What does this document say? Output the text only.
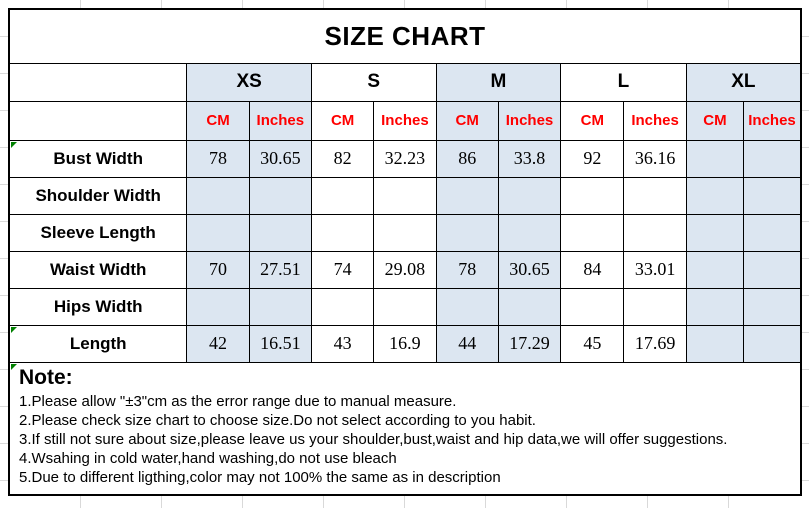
SIZE CHART										
	XS		S		M		L		XL	
	CM	Inches	CM	Inches	CM	Inches	CM	Inches	CM	Inches

Bust Width	78	30.65	82	32.23	86	33.8	92	36.16		
Shoulder Width										
Sleeve Length										
Waist Width	70	27.51	74	29.08	78	30.65	84	33.01		
Hips Width										

Length	42	16.51	43	16.9	44	17.29	45	17.69		

Note:
1.Please allow "±3"cm as the error range due to manual measure.
2.Please check size chart to choose size.Do not select according to you habit.
3.If still not sure about size,please leave us your shoulder,bust,waist and hip data,we will offer suggestions.
4.Wsahing in cold water,hand washing,do not use bleach
5.Due to different ligthing,color may not 100% the same as in description
